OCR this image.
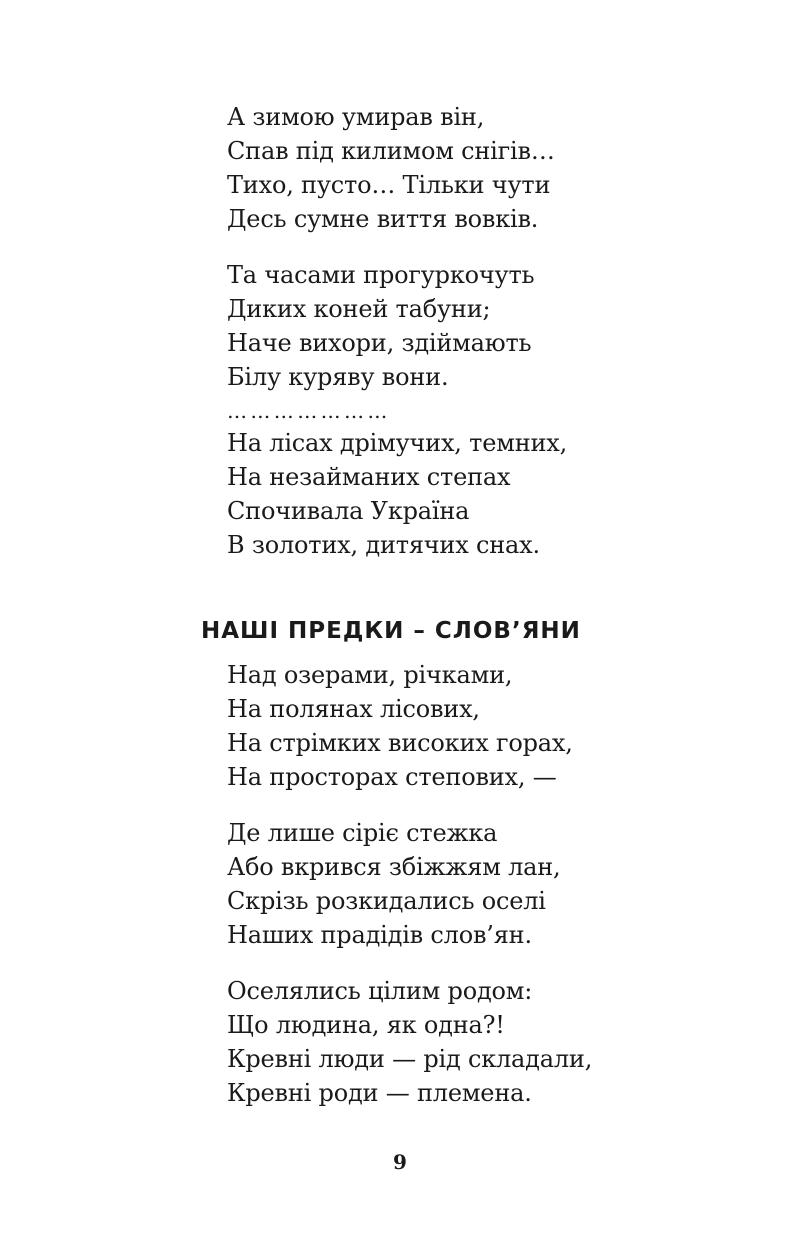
А зимою умирав він,
Спав під килимом снігів…
Тихо, пусто… Тільки чути
Десь сумне виття вовків.
Та часами прогуркочуть
Диких коней табуни;
Наче вихори, здіймають
Білу куряву вони.
…………………
На лісах дрімучих, темних,
На незайманих степах
Спочивала Україна
В золотих, дитячих снах.
НАШІ ПРЕДКИ – СЛОВ’ЯНИ
Над озерами, річками,
На полянах лісових,
На стрімких високих горах,
На просторах степових, —
Де лише сіріє стежка
Або вкрився збіжжям лан,
Скрізь розкидались оселі
Наших прадідів слов’ян.
Оселялись цілим родом:
Що людина, як одна?!
Кревні люди — рід складали,
Кревні роди — племена.
9
